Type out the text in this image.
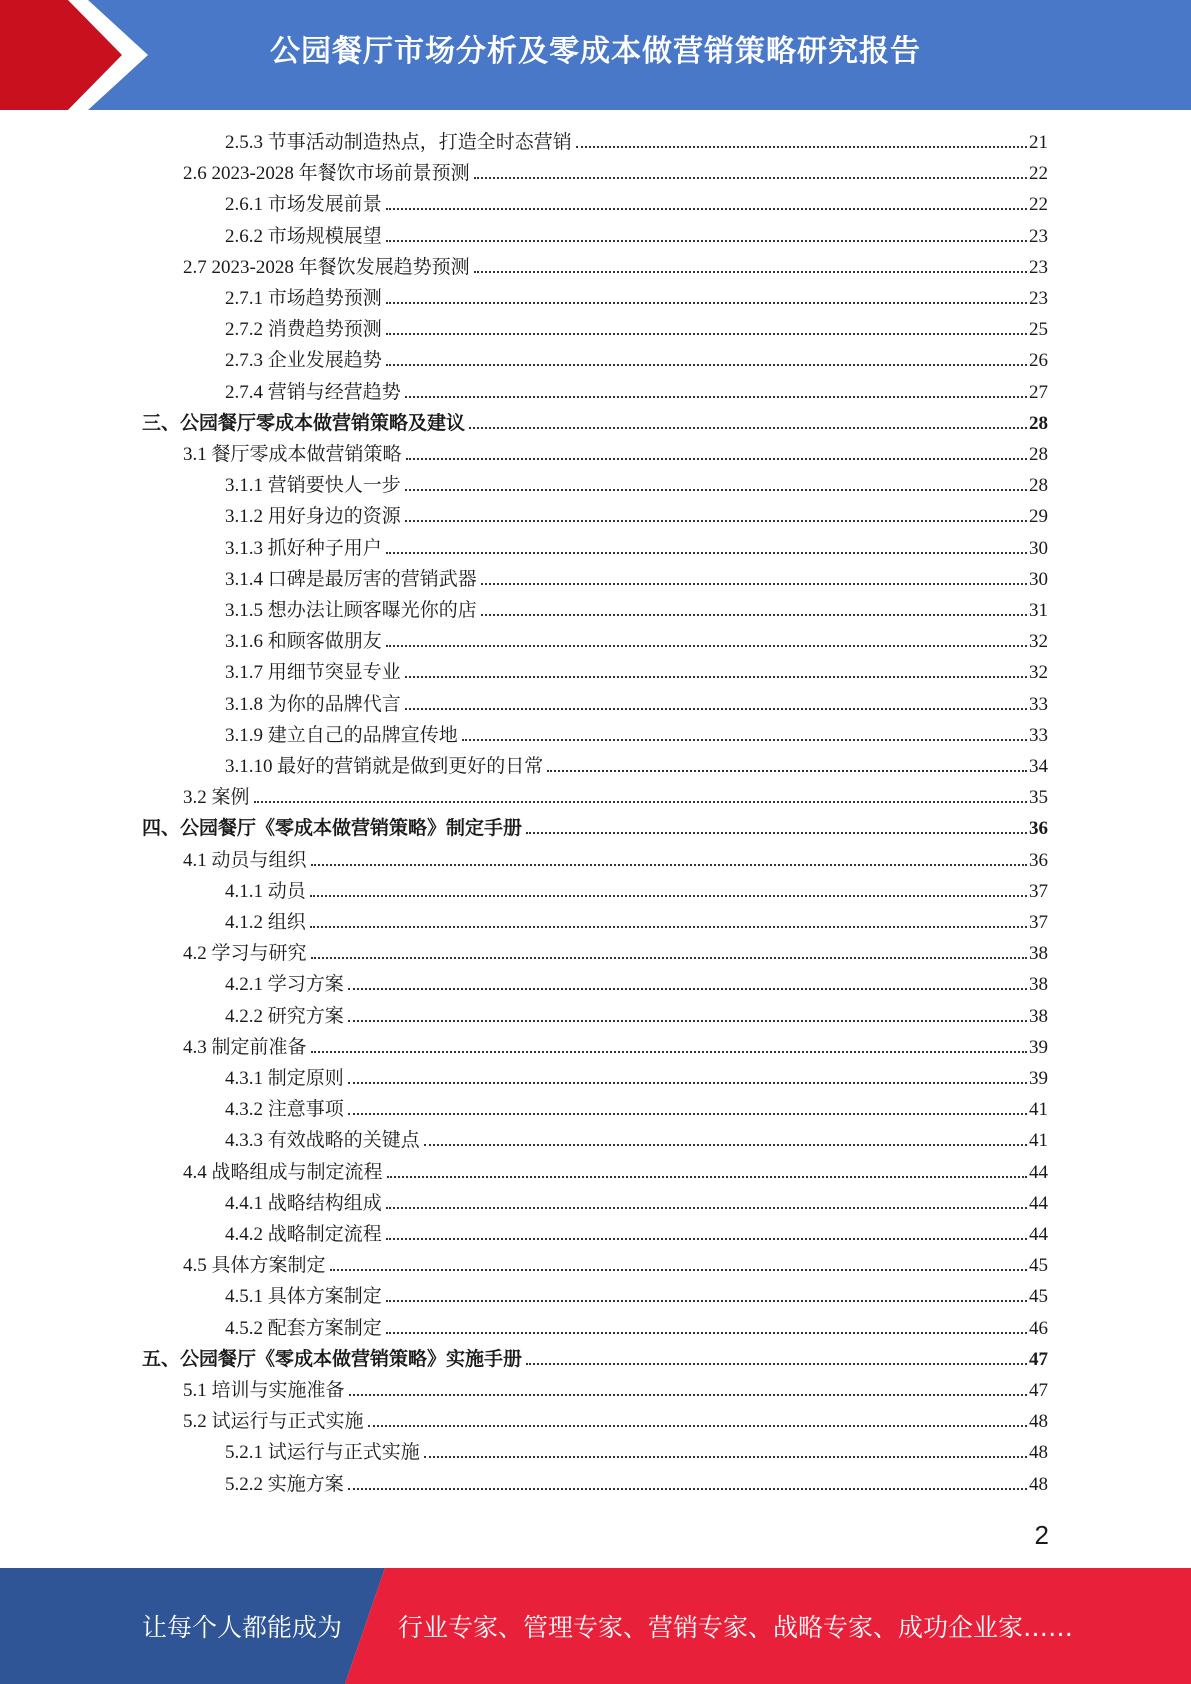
公园餐厅市场分析及零成本做营销策略研究报告
2.5.3 节事活动制造热点，打造全时态营销	21
2.6 2023-2028 年餐饮市场前景预测	22
2.6.1 市场发展前景	22
2.6.2 市场规模展望	23
2.7 2023-2028 年餐饮发展趋势预测	23
2.7.1 市场趋势预测	23
2.7.2 消费趋势预测	25
2.7.3 企业发展趋势	26
2.7.4 营销与经营趋势	27
三、公园餐厅零成本做营销策略及建议	28
3.1 餐厅零成本做营销策略	28
3.1.1 营销要快人一步	28
3.1.2 用好身边的资源	29
3.1.3 抓好种子用户	30
3.1.4 口碑是最厉害的营销武器	30
3.1.5 想办法让顾客曝光你的店	31
3.1.6 和顾客做朋友	32
3.1.7 用细节突显专业	32
3.1.8 为你的品牌代言	33
3.1.9 建立自己的品牌宣传地	33
3.1.10 最好的营销就是做到更好的日常	34
3.2 案例	35
四、公园餐厅《零成本做营销策略》制定手册	36
4.1 动员与组织	36
4.1.1 动员	37
4.1.2 组织	37
4.2 学习与研究	38
4.2.1 学习方案	38
4.2.2 研究方案	38
4.3 制定前准备	39
4.3.1 制定原则	39
4.3.2 注意事项	41
4.3.3 有效战略的关键点	41
4.4 战略组成与制定流程	44
4.4.1 战略结构组成	44
4.4.2 战略制定流程	44
4.5 具体方案制定	45
4.5.1 具体方案制定	45
4.5.2 配套方案制定	46
五、公园餐厅《零成本做营销策略》实施手册	47
5.1 培训与实施准备	47
5.2 试运行与正式实施	48
5.2.1 试运行与正式实施	48
5.2.2 实施方案	48
2
让每个人都能成为 行业专家、管理专家、营销专家、战略专家、成功企业家……
